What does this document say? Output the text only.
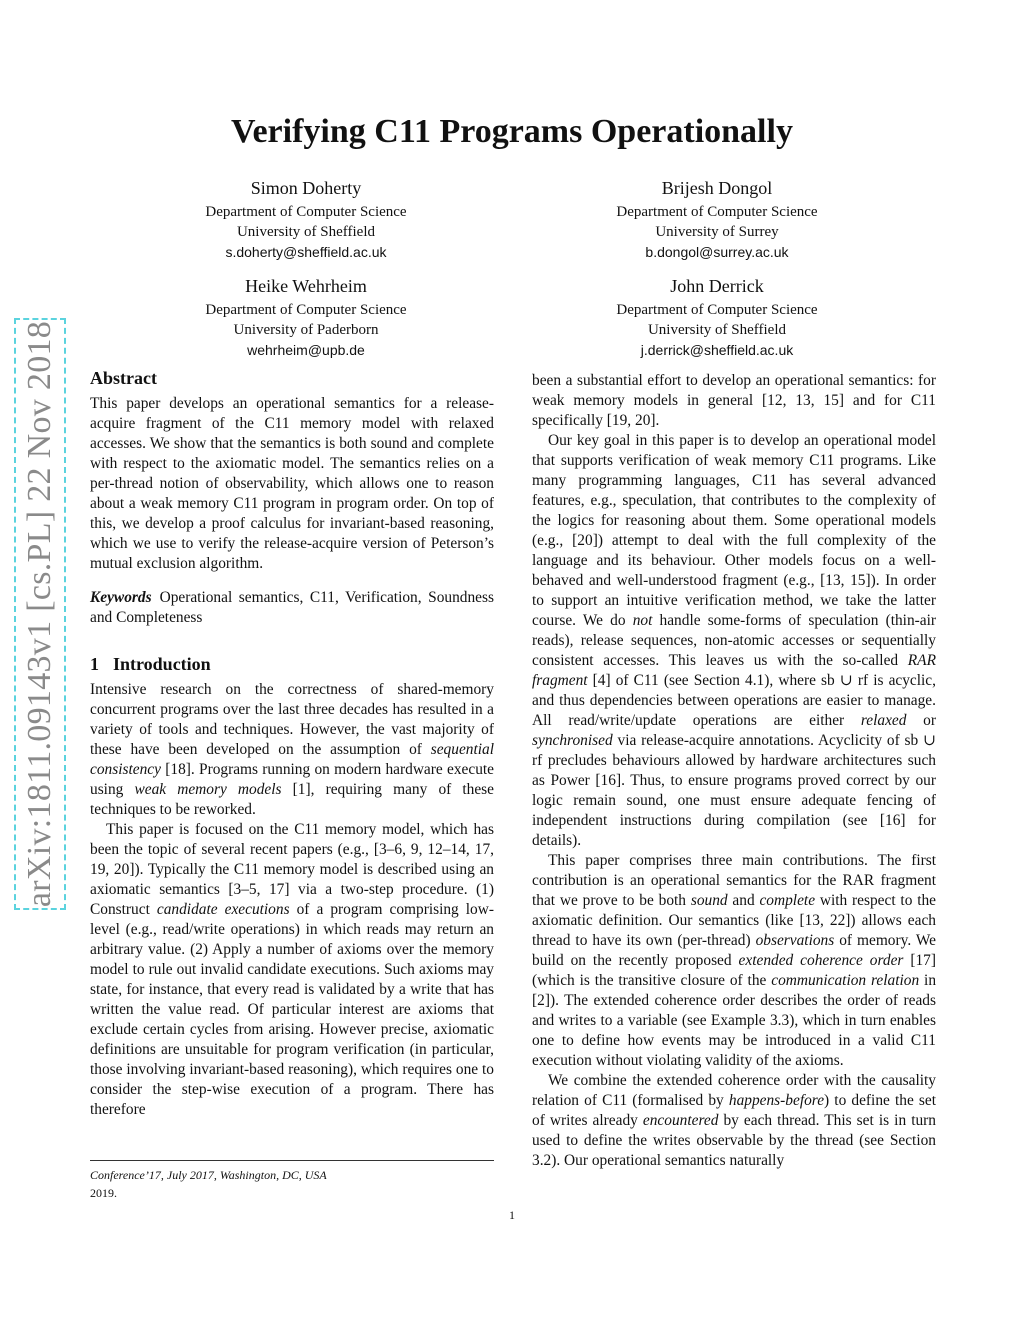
arXiv:1811.09143v1 [cs.PL] 22 Nov 2018
Verifying C11 Programs Operationally
Simon Doherty
Department of Computer Science
University of Sheffield
s.doherty@sheffield.ac.uk
Brijesh Dongol
Department of Computer Science
University of Surrey
b.dongol@surrey.ac.uk
Heike Wehrheim
Department of Computer Science
University of Paderborn
wehrheim@upb.de
John Derrick
Department of Computer Science
University of Sheffield
j.derrick@sheffield.ac.uk
Abstract

This paper develops an operational semantics for a release-acquire fragment of the C11 memory model with relaxed accesses. We show that the semantics is both sound and complete with respect to the axiomatic model. The semantics relies on a per-thread notion of observability, which allows one to reason about a weak memory C11 program in program order. On top of this, we develop a proof calculus for invariant-based reasoning, which we use to verify the release-acquire version of Peterson’s mutual exclusion algorithm.

Keywords Operational semantics, C11, Verification, Soundness and Completeness

1 Introduction

Intensive research on the correctness of shared-memory concurrent programs over the last three decades has resulted in a variety of tools and techniques. However, the vast majority of these have been developed on the assumption of sequential consistency [18]. Programs running on modern hardware execute using weak memory models [1], requiring many of these techniques to be reworked.

This paper is focused on the C11 memory model, which has been the topic of several recent papers (e.g., [3–6, 9, 12–14, 17, 19, 20]). Typically the C11 memory model is described using an axiomatic semantics [3–5, 17] via a two-step procedure. (1) Construct candidate executions of a program comprising low-level (e.g., read/write operations) in which reads may return an arbitrary value. (2) Apply a number of axioms over the memory model to rule out invalid candidate executions. Such axioms may state, for instance, that every read is validated by a write that has written the value read. Of particular interest are axioms that exclude certain cycles from arising. However precise, axiomatic definitions are unsuitable for program verification (in particular, those involving invariant-based reasoning), which requires one to consider the step-wise execution of a program. There has therefore

been a substantial effort to develop an operational semantics: for weak memory models in general [12, 13, 15] and for C11 specifically [19, 20].

Our key goal in this paper is to develop an operational model that supports verification of weak memory C11 programs. Like many programming languages, C11 has several advanced features, e.g., speculation, that contributes to the complexity of the logics for reasoning about them. Some operational models (e.g., [20]) attempt to deal with the full complexity of the language and its behaviour. Other models focus on a well-behaved and well-understood fragment (e.g., [13, 15]). In order to support an intuitive verification method, we take the latter course. We do not handle some-forms of speculation (thin-air reads), release sequences, non-atomic accesses or sequentially consistent accesses. This leaves us with the so-called RAR fragment [4] of C11 (see Section 4.1), where sb ∪ rf is acyclic, and thus dependencies between operations are easier to manage. All read/write/update operations are either relaxed or synchronised via release-acquire annotations. Acyclicity of sb ∪ rf precludes behaviours allowed by hardware architectures such as Power [16]. Thus, to ensure programs proved correct by our logic remain sound, one must ensure adequate fencing of independent instructions during compilation (see [16] for details).

This paper comprises three main contributions. The first contribution is an operational semantics for the RAR fragment that we prove to be both sound and complete with respect to the axiomatic definition. Our semantics (like [13, 22]) allows each thread to have its own (per-thread) observations of memory. We build on the recently proposed extended coherence order [17] (which is the transitive closure of the communication relation in [2]). The extended coherence order describes the order of reads and writes to a variable (see Example 3.3), which in turn enables one to define how events may be introduced in a valid C11 execution without violating validity of the axioms.

We combine the extended coherence order with the causality relation of C11 (formalised by happens-before) to define the set of writes already encountered by each thread. This set is in turn used to define the writes observable by the thread (see Section 3.2). Our operational semantics naturally

Conference’17, July 2017, Washington, DC, USA
2019.
1
